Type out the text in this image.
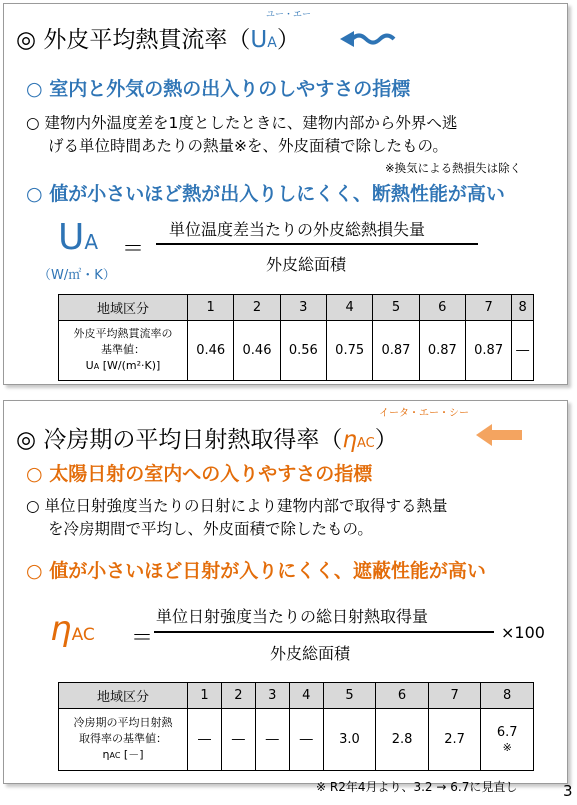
ユー・エー
◎ 外皮平均熱貫流率（UA）
○ 室内と外気の熱の出入りのしやすさの指標
○ 建物内外温度差を1度としたときに、建物内部から外界へ逃
げる単位時間あたりの熱量※を、外皮面積で除したもの。
※換気による熱損失は除く
○ 値が小さいほど熱が出入りしにくく、断熱性能が高い
UA
（W/㎡・K）
＝
単位温度差当たりの外皮総熱損失量
外皮総面積
地域区分	1	2	3	4	5	6	7	8
外皮平均熱貫流率の
基準値：
UA [W/(m²·K)]	0.46	0.46	0.56	0.75	0.87	0.87	0.87	―
イータ・エー・シー
◎ 冷房期の平均日射熱取得率（ηAC）
○ 太陽日射の室内への入りやすさの指標
○ 単位日射強度当たりの日射により建物内部で取得する熱量
を冷房期間で平均し、外皮面積で除したもの。
○ 値が小さいほど日射が入りにくく、遮蔽性能が高い
ηAC ＝
単位日射強度当たりの総日射熱取得量
外皮総面積
×100
地域区分	1	2	3	4	5	6	7	8
冷房期の平均日射熱
取得率の基準値：
ηAC [－]	―	―	―	―	3.0	2.8	2.7	6.7
※
※ R2年4月より、3.2 → 6.7に見直し	3
